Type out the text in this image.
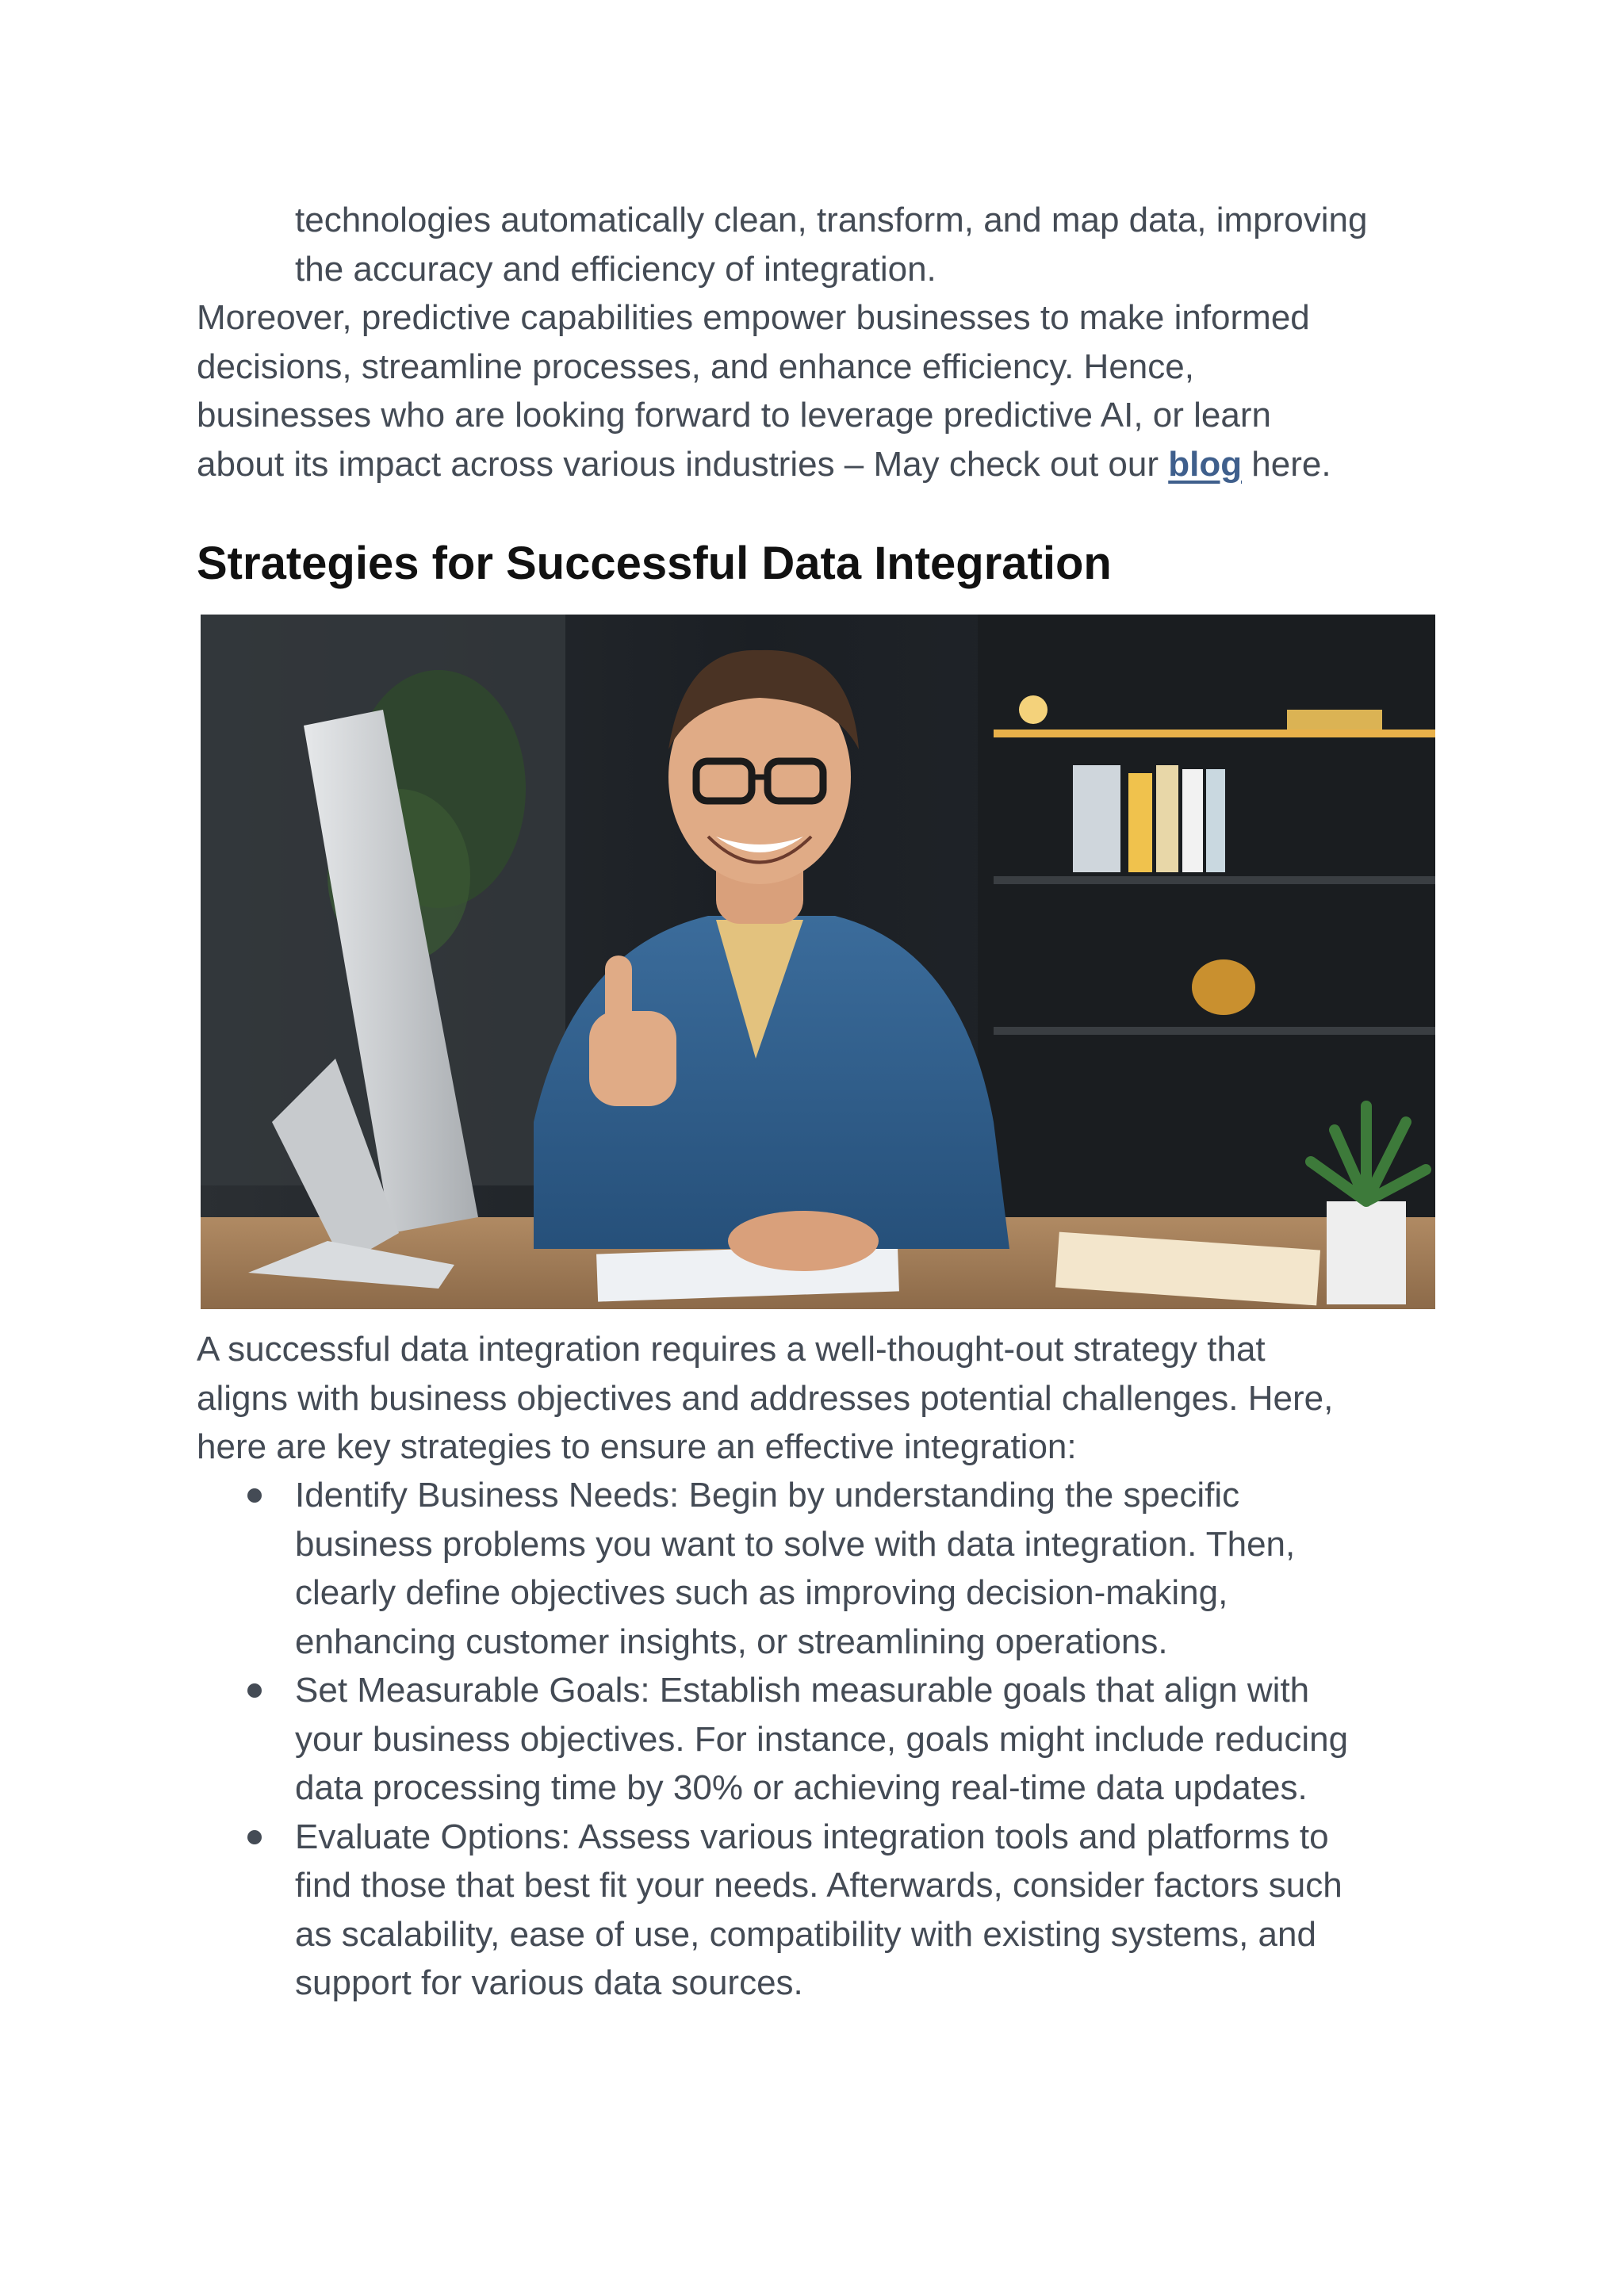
technologies automatically clean, transform, and map data, improving
the accuracy and efficiency of integration.
Moreover, predictive capabilities empower businesses to make informed
decisions, streamline processes, and enhance efficiency. Hence,
businesses who are looking forward to leverage predictive AI, or learn
about its impact across various industries – May check out our blog here.
Strategies for Successful Data Integration
A successful data integration requires a well-thought-out strategy that
aligns with business objectives and addresses potential challenges. Here,
here are key strategies to ensure an effective integration:
Identify Business Needs: Begin by understanding the specific
business problems you want to solve with data integration. Then,
clearly define objectives such as improving decision-making,
enhancing customer insights, or streamlining operations.
Set Measurable Goals: Establish measurable goals that align with
your business objectives. For instance, goals might include reducing
data processing time by 30% or achieving real-time data updates.
Evaluate Options: Assess various integration tools and platforms to
find those that best fit your needs. Afterwards, consider factors such
as scalability, ease of use, compatibility with existing systems, and
support for various data sources.
